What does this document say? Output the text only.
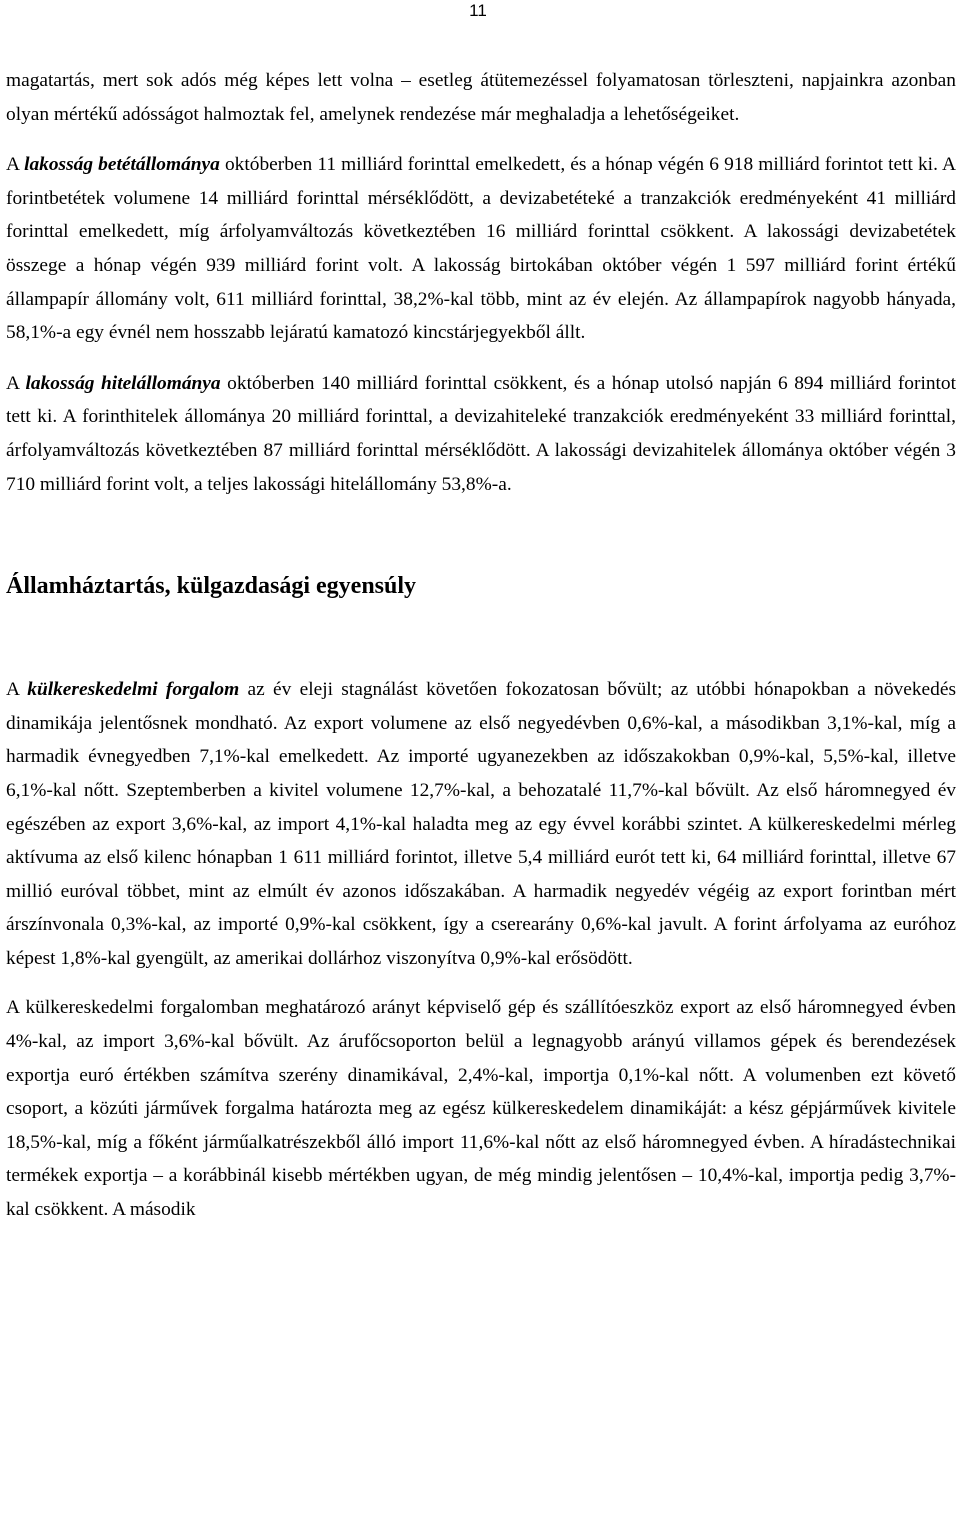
11

magatartás, mert sok adós még képes lett volna – esetleg átütemezéssel folyamatosan törleszteni, napjainkra azonban olyan mértékű adósságot halmoztak fel, amelynek rendezése már meghaladja a lehetőségeiket.

A lakosság betétállománya októberben 11 milliárd forinttal emelkedett, és a hónap végén 6 918 milliárd forintot tett ki. A forintbetétek volumene 14 milliárd forinttal mérséklődött, a devizabetéteké a tranzakciók eredményeként 41 milliárd forinttal emelkedett, míg árfolyamváltozás következtében 16 milliárd forinttal csökkent. A lakossági devizabetétek összege a hónap végén 939 milliárd forint volt. A lakosság birtokában október végén 1 597 milliárd forint értékű állampapír állomány volt, 611 milliárd forinttal, 38,2%-kal több, mint az év elején. Az állampapírok nagyobb hányada, 58,1%-a egy évnél nem hosszabb lejáratú kamatozó kincstárjegyekből állt.

A lakosság hitelállománya októberben 140 milliárd forinttal csökkent, és a hónap utolsó napján 6 894 milliárd forintot tett ki. A forinthitelek állománya 20 milliárd forinttal, a devizahiteleké tranzakciók eredményeként 33 milliárd forinttal, árfolyamváltozás következtében 87 milliárd forinttal mérséklődött. A lakossági devizahitelek állománya október végén 3 710 milliárd forint volt, a teljes lakossági hitelállomány 53,8%-a.

Államháztartás, külgazdasági egyensúly

A külkereskedelmi forgalom az év eleji stagnálást követően fokozatosan bővült; az utóbbi hónapokban a növekedés dinamikája jelentősnek mondható. Az export volumene az első negyedévben 0,6%-kal, a másodikban 3,1%-kal, míg a harmadik évnegyedben 7,1%-kal emelkedett. Az importé ugyanezekben az időszakokban 0,9%-kal, 5,5%-kal, illetve 6,1%-kal nőtt. Szeptemberben a kivitel volumene 12,7%-kal, a behozatalé 11,7%-kal bővült. Az első háromnegyed év egészében az export 3,6%-kal, az import 4,1%-kal haladta meg az egy évvel korábbi szintet. A külkereskedelmi mérleg aktívuma az első kilenc hónapban 1 611 milliárd forintot, illetve 5,4 milliárd eurót tett ki, 64 milliárd forinttal, illetve 67 millió euróval többet, mint az elmúlt év azonos időszakában. A harmadik negyedév végéig az export forintban mért árszínvonala 0,3%-kal, az importé 0,9%-kal csökkent, így a cserearány 0,6%-kal javult. A forint árfolyama az euróhoz képest 1,8%-kal gyengült, az amerikai dollárhoz viszonyítva 0,9%-kal erősödött.

A külkereskedelmi forgalomban meghatározó arányt képviselő gép és szállítóeszköz export az első háromnegyed évben 4%-kal, az import 3,6%-kal bővült. Az árufőcsoporton belül a legnagyobb arányú villamos gépek és berendezések exportja euró értékben számítva szerény dinamikával, 2,4%-kal, importja 0,1%-kal nőtt. A volumenben ezt követő csoport, a közúti járművek forgalma határozta meg az egész külkereskedelem dinamikáját: a kész gépjárművek kivitele 18,5%-kal, míg a főként járműalkatrészekből álló import 11,6%-kal nőtt az első háromnegyed évben. A híradástechnikai termékek exportja – a korábbinál kisebb mértékben ugyan, de még mindig jelentősen – 10,4%-kal, importja pedig 3,7%-kal csökkent. A második
